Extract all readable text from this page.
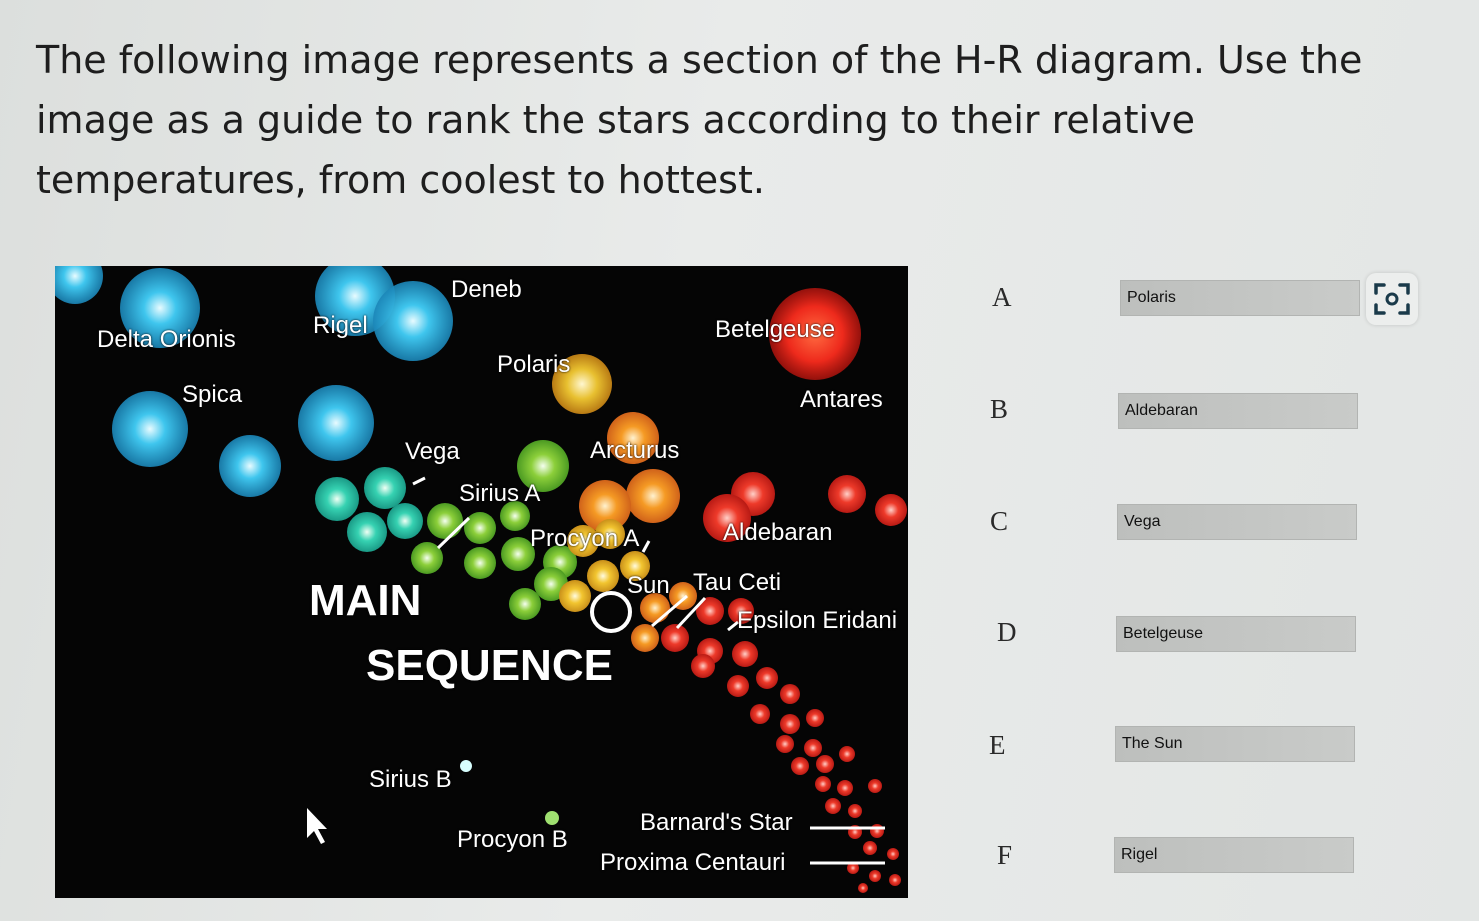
The following image represents a section of the H-R diagram. Use the image as a guide to rank the stars according to their relative temperatures, from coolest to hottest.
Deneb
Delta Orionis
Rigel	Betelgeuse
Polaris
Spica	Antares
Vega	Arcturus
Sirius A
Procyon A	Aldebaran
Sun Tau Ceti
Epsilon Eridani
Sirius B
Procyon B
Barnard's Star
Proxima Centauri
MAIN
SEQUENCE
A	Polaris
B	Aldebaran
C	Vega
D	Betelgeuse
E	The Sun
F	Rigel
